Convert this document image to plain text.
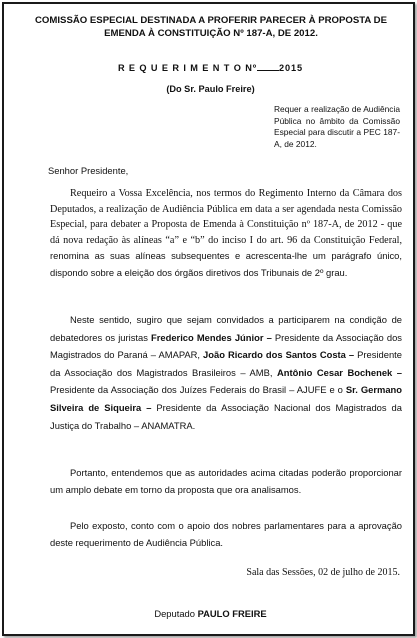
COMISSÃO ESPECIAL DESTINADA A PROFERIR PARECER À PROPOSTA DE EMENDA À CONSTITUIÇÃO Nº 187-A, DE 2012.
R E Q U E R I M E N T O Nº 2015
(Do Sr. Paulo Freire)
Requer a realização de Audiência Pública no âmbito da Comissão Especial para discutir a PEC 187-A, de 2012.
Senhor Presidente,
Requeiro a Vossa Excelência, nos termos do Regimento Interno da Câmara dos Deputados, a realização de Audiência Pública em data a ser agendada nesta Comissão Especial, para debater a Proposta de Emenda à Constituição nº 187-A, de 2012 - que dá nova redação às alíneas “a” e “b” do inciso I do art. 96 da Constituição Federal, renomina as suas alíneas subsequentes e acrescenta-lhe um parágrafo único, dispondo sobre a eleição dos órgãos diretivos dos Tribunais de 2º grau.
Neste sentido, sugiro que sejam convidados a participarem na condição de debatedores os juristas Frederico Mendes Júnior – Presidente da Associação dos Magistrados do Paraná – AMAPAR, João Ricardo dos Santos Costa – Presidente da Associação dos Magistrados Brasileiros – AMB, Antônio Cesar Bochenek – Presidente da Associação dos Juízes Federais do Brasil – AJUFE e o Sr. Germano Silveira de Siqueira – Presidente da Associação Nacional dos Magistrados da Justiça do Trabalho – ANAMATRA.
Portanto, entendemos que as autoridades acima citadas poderão proporcionar um amplo debate em torno da proposta que ora analisamos.
Pelo exposto, conto com o apoio dos nobres parlamentares para a aprovação deste requerimento de Audiência Pública.
Sala das Sessões, 02 de julho de 2015.
Deputado PAULO FREIRE
